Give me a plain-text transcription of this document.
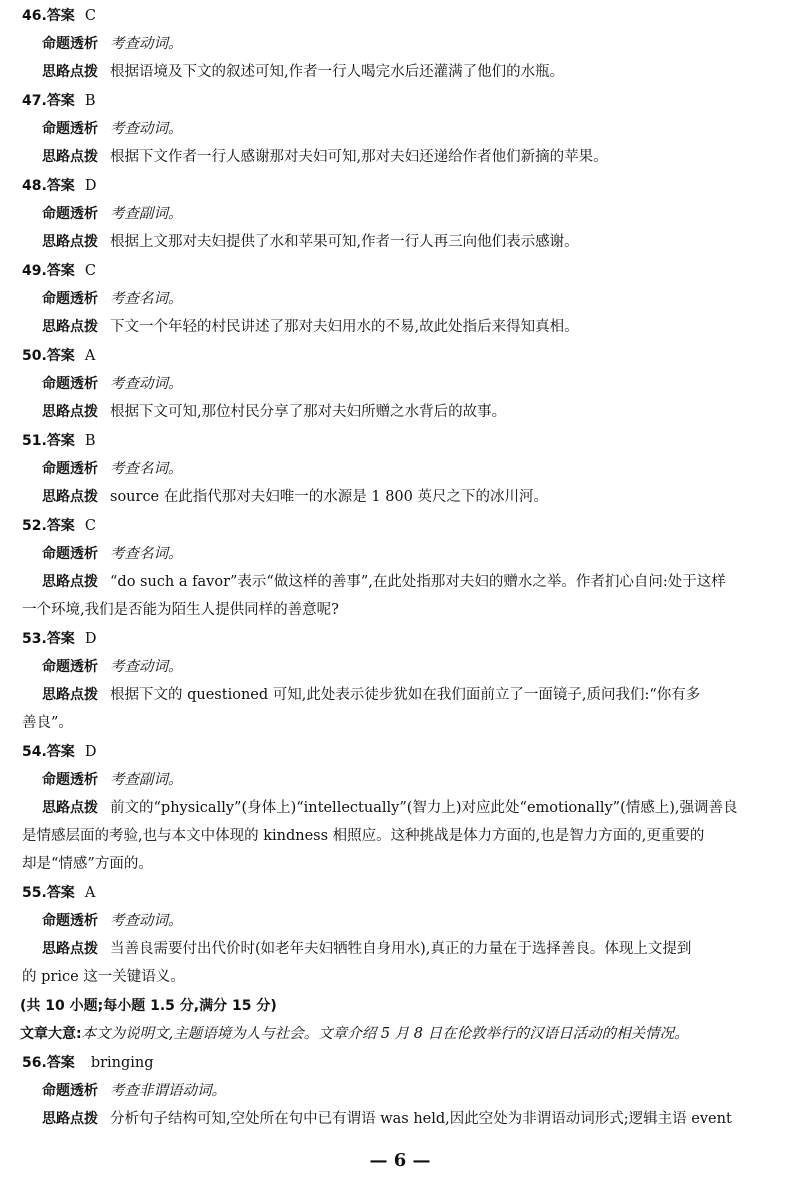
46.答案 C
命题透析 考查动词。
思路点拨 根据语境及下文的叙述可知,作者一行人喝完水后还灌满了他们的水瓶。
47.答案 B
命题透析 考查动词。
思路点拨 根据下文作者一行人感谢那对夫妇可知,那对夫妇还递给作者他们新摘的苹果。
48.答案 D
命题透析 考查副词。
思路点拨 根据上文那对夫妇提供了水和苹果可知,作者一行人再三向他们表示感谢。
49.答案 C
命题透析 考查名词。
思路点拨 下文一个年轻的村民讲述了那对夫妇用水的不易,故此处指后来得知真相。
50.答案 A
命题透析 考查动词。
思路点拨 根据下文可知,那位村民分享了那对夫妇所赠之水背后的故事。
51.答案 B
命题透析 考查名词。
思路点拨 source 在此指代那对夫妇唯一的水源是 1 800 英尺之下的冰川河。
52.答案 C
命题透析 考查名词。
思路点拨 “do such a favor”表示“做这样的善事”,在此处指那对夫妇的赠水之举。作者扪心自问:处于这样
一个环境,我们是否能为陌生人提供同样的善意呢?
53.答案 D
命题透析 考查动词。
思路点拨 根据下文的 questioned 可知,此处表示徒步犹如在我们面前立了一面镜子,质问我们:“你有多
善良”。
54.答案 D
命题透析 考查副词。
思路点拨 前文的“physically”(身体上)“intellectually”(智力上)对应此处“emotionally”(情感上),强调善良
是情感层面的考验,也与本文中体现的 kindness 相照应。这种挑战是体力方面的,也是智力方面的,更重要的
却是“情感”方面的。
55.答案 A
命题透析 考查动词。
思路点拨 当善良需要付出代价时(如老年夫妇牺牲自身用水),真正的力量在于选择善良。体现上文提到
的 price 这一关键语义。
(共 10 小题;每小题 1.5 分,满分 15 分)
文章大意:本文为说明文,主题语境为人与社会。文章介绍 5 月 8 日在伦敦举行的汉语日活动的相关情况。
56.答案 bringing
命题透析 考查非谓语动词。
思路点拨 分析句子结构可知,空处所在句中已有谓语 was held,因此空处为非谓语动词形式;逻辑主语 event
— 6 —
